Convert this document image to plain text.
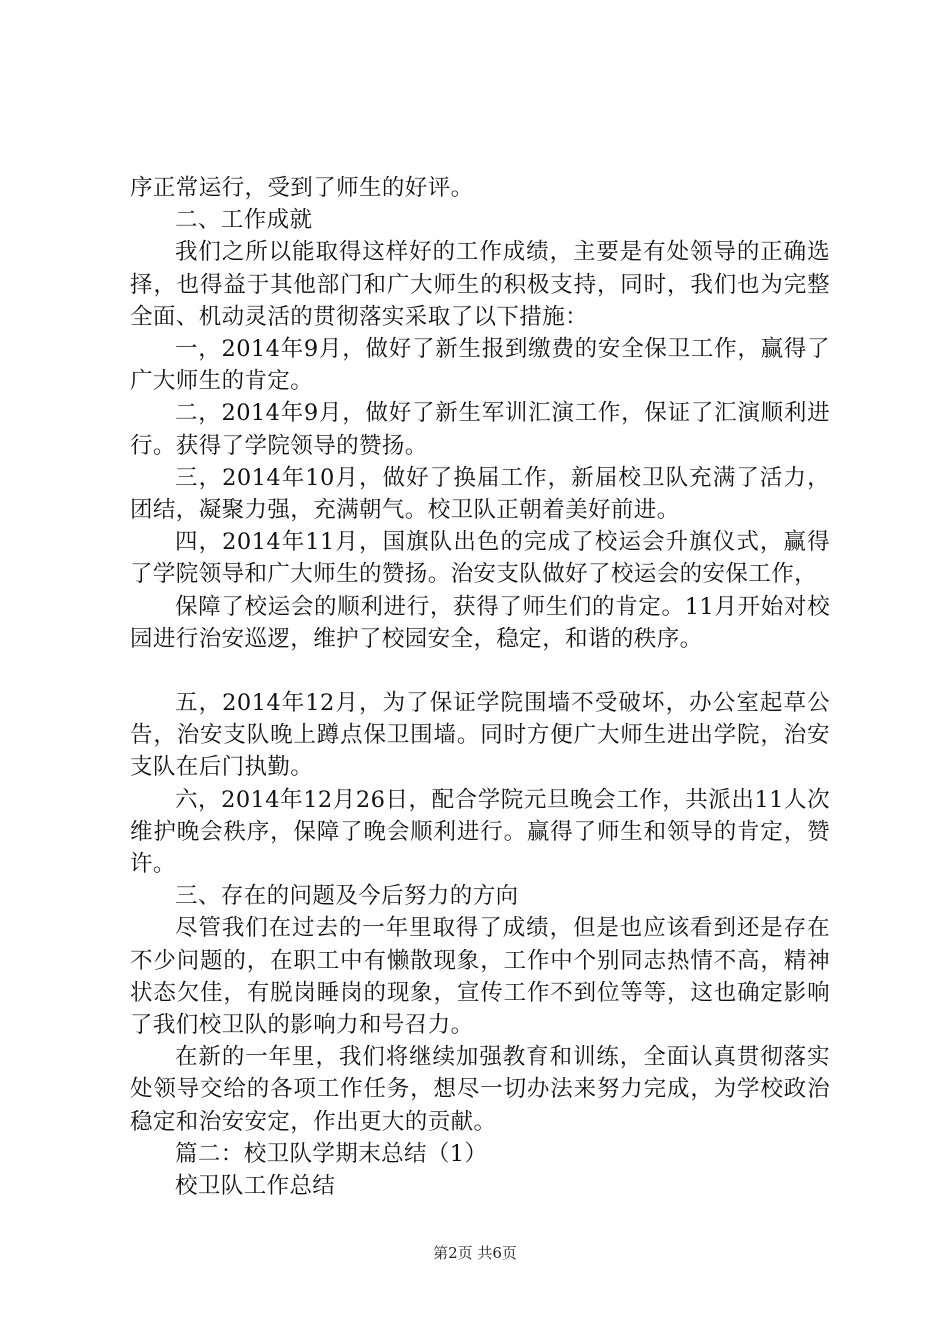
序正常运行，受到了师生的好评。

二、工作成就

我们之所以能取得这样好的工作成绩，主要是有处领导的正确选择，也得益于其他部门和广大师生的积极支持，同时，我们也为完整全面、机动灵活的贯彻落实采取了以下措施：

一，2014年9月，做好了新生报到缴费的安全保卫工作，赢得了广大师生的肯定。

二，2014年9月，做好了新生军训汇演工作，保证了汇演顺利进行。获得了学院领导的赞扬。

三，2014年10月，做好了换届工作，新届校卫队充满了活力，团结，凝聚力强，充满朝气。校卫队正朝着美好前进。

四，2014年11月，国旗队出色的完成了校运会升旗仪式，赢得了学院领导和广大师生的赞扬。治安支队做好了校运会的安保工作，

保障了校运会的顺利进行，获得了师生们的肯定。11月开始对校园进行治安巡逻，维护了校园安全，稳定，和谐的秩序。

五，2014年12月，为了保证学院围墙不受破坏，办公室起草公告，治安支队晚上蹲点保卫围墙。同时方便广大师生进出学院，治安支队在后门执勤。

六，2014年12月26日，配合学院元旦晚会工作，共派出11人次维护晚会秩序，保障了晚会顺利进行。赢得了师生和领导的肯定，赞许。

三、存在的问题及今后努力的方向

尽管我们在过去的一年里取得了成绩，但是也应该看到还是存在不少问题的，在职工中有懒散现象，工作中个别同志热情不高，精神状态欠佳，有脱岗睡岗的现象，宣传工作不到位等等，这也确定影响了我们校卫队的影响力和号召力。

在新的一年里，我们将继续加强教育和训练，全面认真贯彻落实处领导交给的各项工作任务，想尽一切办法来努力完成，为学校政治稳定和治安安定，作出更大的贡献。

篇二：校卫队学期末总结（1）

校卫队工作总结

第2页 共6页
